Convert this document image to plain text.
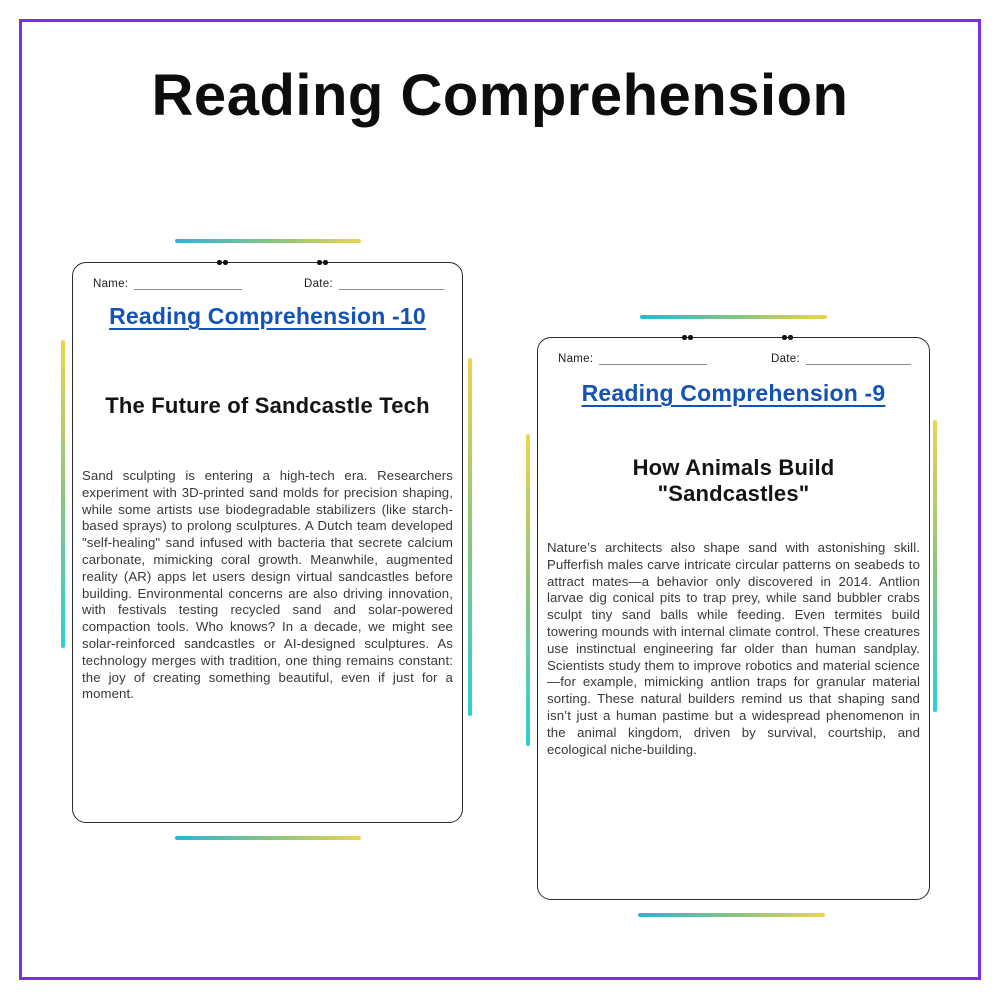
Reading Comprehension
Name:	Date:
Reading Comprehension -10
The Future of Sandcastle Tech

Sand sculpting is entering a high-tech era. Researchers experiment with 3D-printed sand molds for precision shaping, while some artists use biodegradable stabilizers (like starch-based sprays) to prolong sculptures. A Dutch team developed "self-healing" sand infused with bacteria that secrete calcium carbonate, mimicking coral growth. Meanwhile, augmented reality (AR) apps let users design virtual sandcastles before building. Environmental concerns are also driving innovation, with festivals testing recycled sand and solar-powered compaction tools. Who knows? In a decade, we might see solar-reinforced sandcastles or AI-designed sculptures. As technology merges with tradition, one thing remains constant: the joy of creating something beautiful, even if just for a moment.

Name:	Date:
Reading Comprehension -9
How Animals Build
"Sandcastles"

Nature’s architects also shape sand with astonishing skill. Pufferfish males carve intricate circular patterns on seabeds to attract mates—a behavior only discovered in 2014. Antlion larvae dig conical pits to trap prey, while sand bubbler crabs sculpt tiny sand balls while feeding. Even termites build towering mounds with internal climate control. These creatures use instinctual engineering far older than human sandplay. Scientists study them to improve robotics and material science—for example, mimicking antlion traps for granular material sorting. These natural builders remind us that shaping sand isn’t just a human pastime but a widespread phenomenon in the animal kingdom, driven by survival, courtship, and ecological niche-building.
